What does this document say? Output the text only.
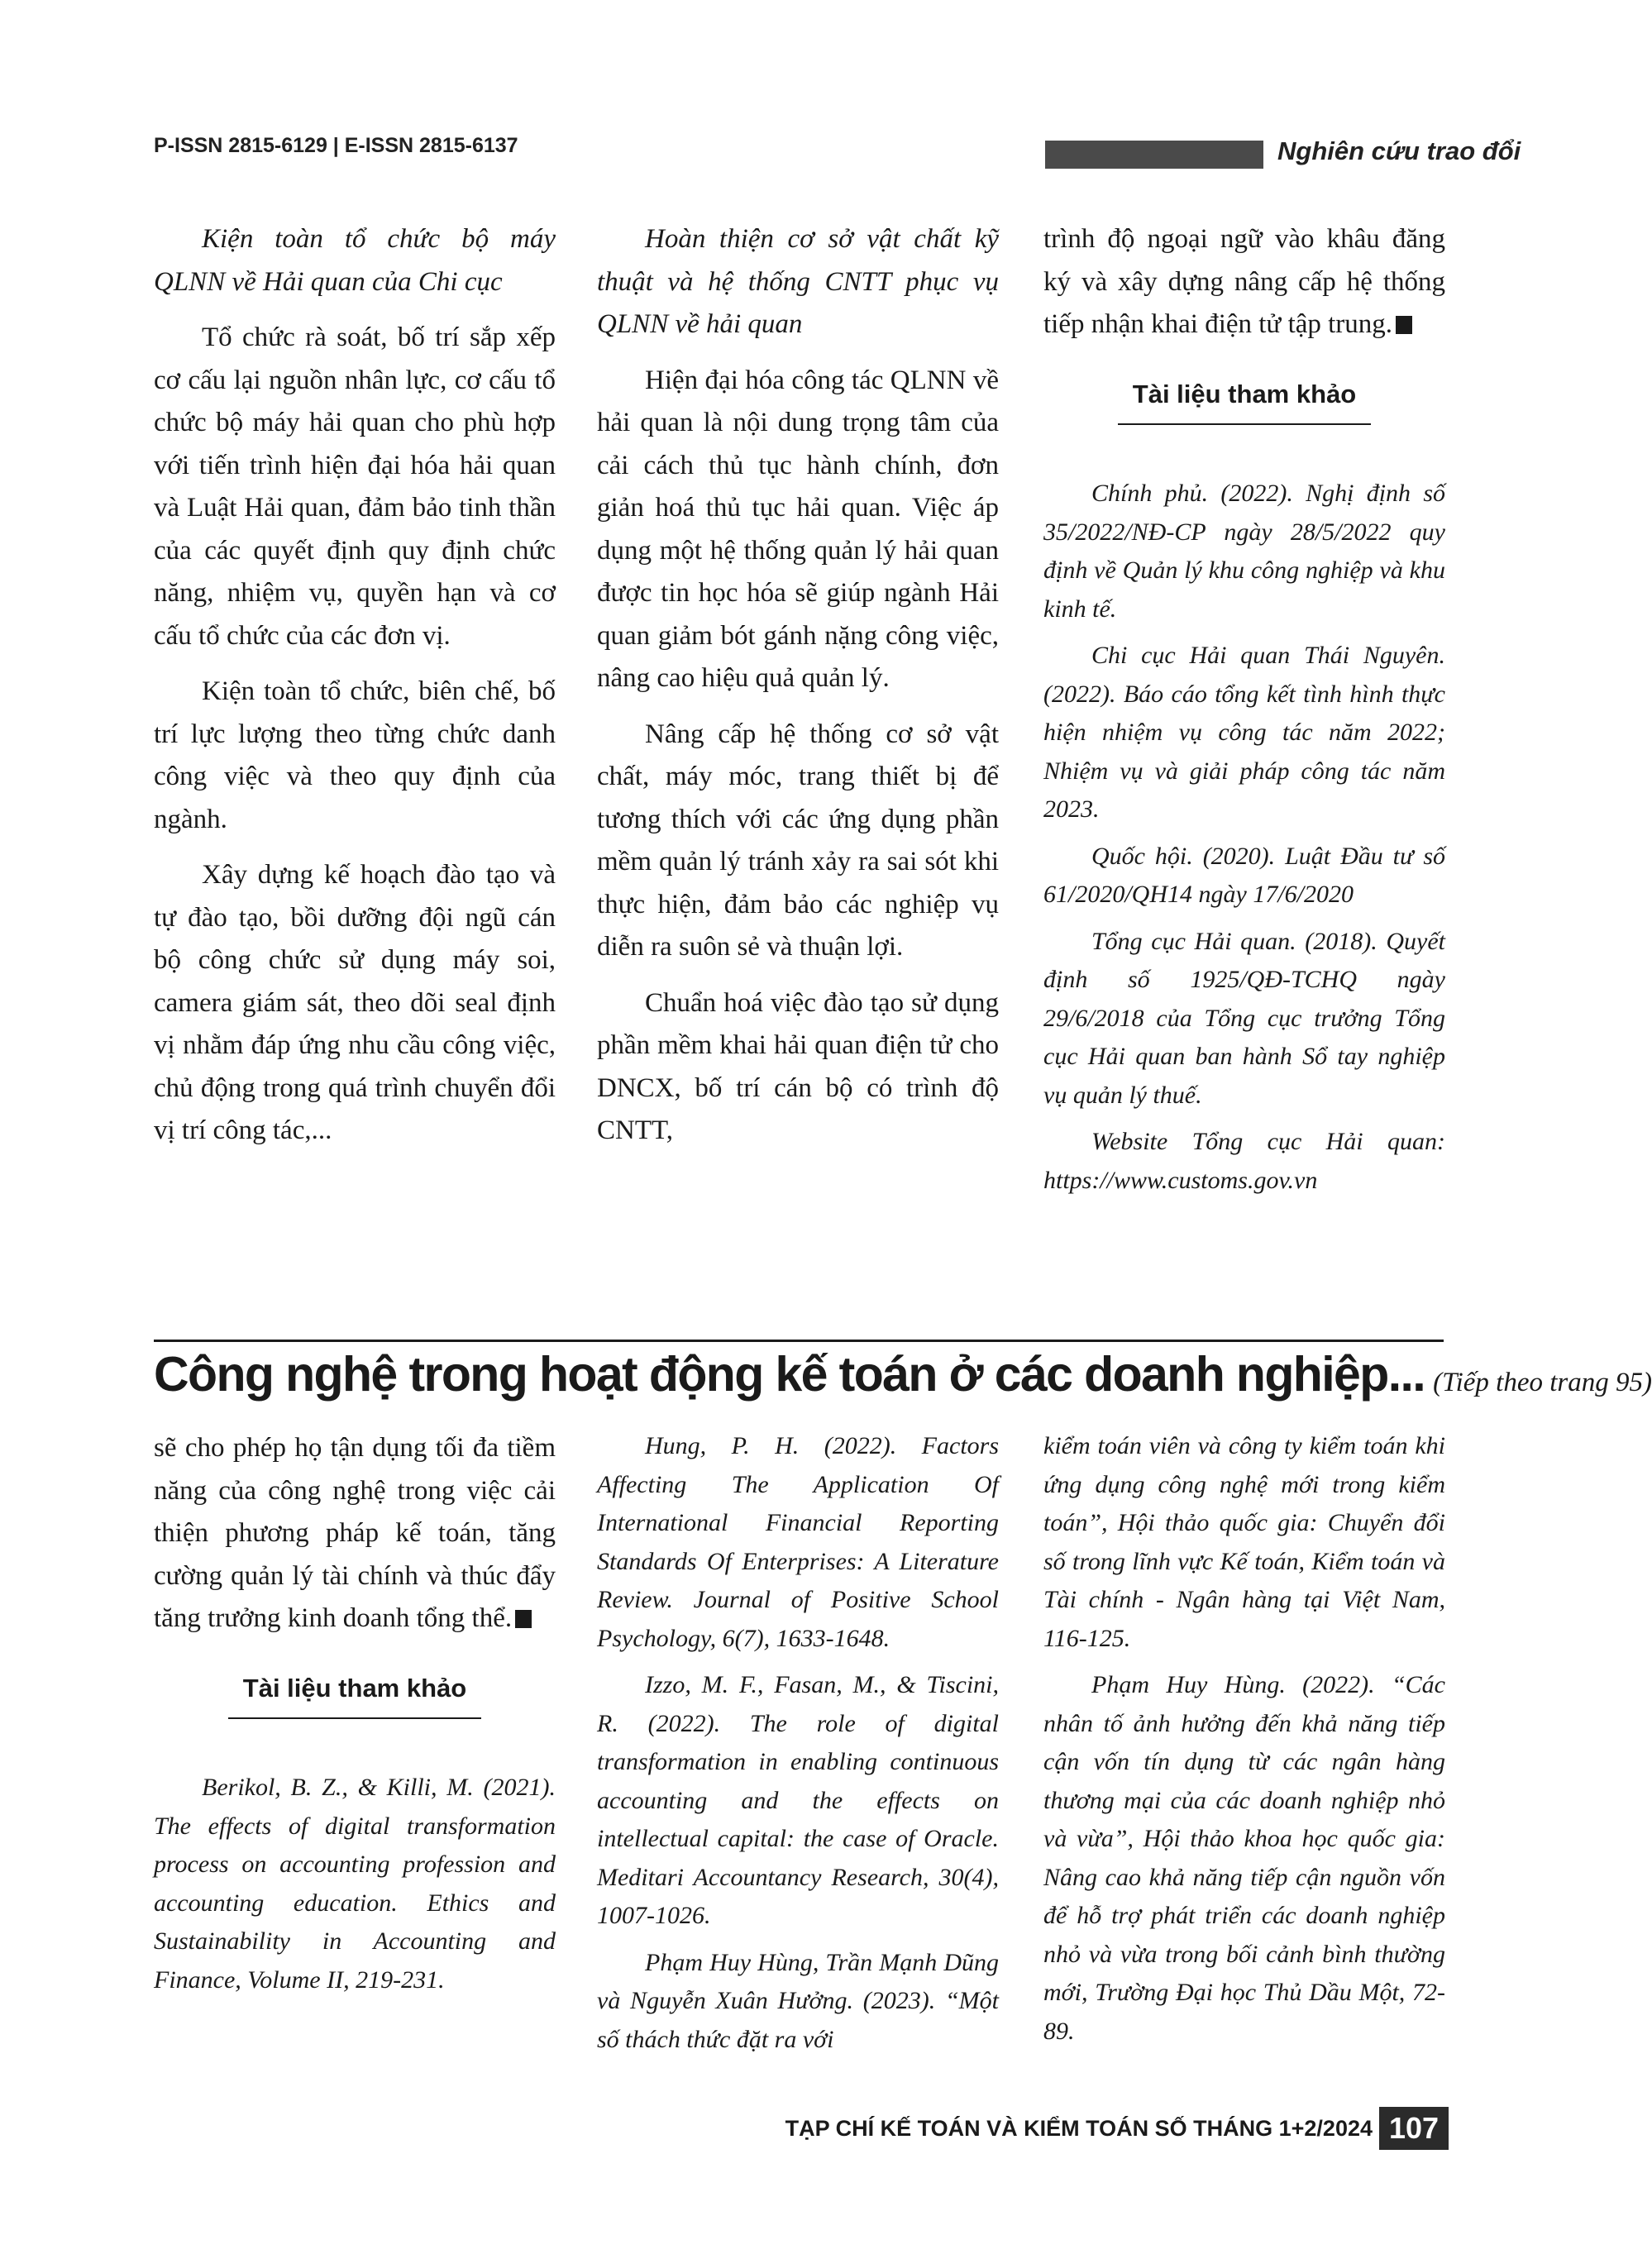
P-ISSN 2815-6129 | E-ISSN 2815-6137	Nghiên cứu trao đổi

Kiện toàn tổ chức bộ máy QLNN về Hải quan của Chi cục

Tổ chức rà soát, bố trí sắp xếp cơ cấu lại nguồn nhân lực, cơ cấu tổ chức bộ máy hải quan cho phù hợp với tiến trình hiện đại hóa hải quan và Luật Hải quan, đảm bảo tinh thần của các quyết định quy định chức năng, nhiệm vụ, quyền hạn và cơ cấu tổ chức của các đơn vị.

Kiện toàn tổ chức, biên chế, bố trí lực lượng theo từng chức danh công việc và theo quy định của ngành.

Xây dựng kế hoạch đào tạo và tự đào tạo, bồi dưỡng đội ngũ cán bộ công chức sử dụng máy soi, camera giám sát, theo dõi seal định vị nhằm đáp ứng nhu cầu công việc, chủ động trong quá trình chuyển đổi vị trí công tác,...

Hoàn thiện cơ sở vật chất kỹ thuật và hệ thống CNTT phục vụ QLNN về hải quan

Hiện đại hóa công tác QLNN về hải quan là nội dung trọng tâm của cải cách thủ tục hành chính, đơn giản hoá thủ tục hải quan. Việc áp dụng một hệ thống quản lý hải quan được tin học hóa sẽ giúp ngành Hải quan giảm bót gánh nặng công việc, nâng cao hiệu quả quản lý.

Nâng cấp hệ thống cơ sở vật chất, máy móc, trang thiết bị để tương thích với các ứng dụng phần mềm quản lý tránh xảy ra sai sót khi thực hiện, đảm bảo các nghiệp vụ diễn ra suôn sẻ và thuận lợi.

Chuẩn hoá việc đào tạo sử dụng phần mềm khai hải quan điện tử cho DNCX, bố trí cán bộ có trình độ CNTT,

trình độ ngoại ngữ vào khâu đăng ký và xây dựng nâng cấp hệ thống tiếp nhận khai điện tử tập trung.

Tài liệu tham khảo

Chính phủ. (2022). Nghị định số 35/2022/NĐ-CP ngày 28/5/2022 quy định về Quản lý khu công nghiệp và khu kinh tế.

Chi cục Hải quan Thái Nguyên. (2022). Báo cáo tổng kết tình hình thực hiện nhiệm vụ công tác năm 2022; Nhiệm vụ và giải pháp công tác năm 2023.

Quốc hội. (2020). Luật Đầu tư số 61/2020/QH14 ngày 17/6/2020

Tổng cục Hải quan. (2018). Quyết định số 1925/QĐ-TCHQ ngày 29/6/2018 của Tổng cục trưởng Tổng cục Hải quan ban hành Sổ tay nghiệp vụ quản lý thuế.

Website Tổng cục Hải quan: https://www.customs.gov.vn

Công nghệ trong hoạt động kế toán ở các doanh nghiệp... (Tiếp theo trang 95)

sẽ cho phép họ tận dụng tối đa tiềm năng của công nghệ trong việc cải thiện phương pháp kế toán, tăng cường quản lý tài chính và thúc đẩy tăng trưởng kinh doanh tổng thể.

Tài liệu tham khảo

Berikol, B. Z., & Killi, M. (2021). The effects of digital transformation process on accounting profession and accounting education. Ethics and Sustainability in Accounting and Finance, Volume II, 219-231.

Hung, P. H. (2022). Factors Affecting The Application Of International Financial Reporting Standards Of Enterprises: A Literature Review. Journal of Positive School Psychology, 6(7), 1633-1648.

Izzo, M. F., Fasan, M., & Tiscini, R. (2022). The role of digital transformation in enabling continuous accounting and the effects on intellectual capital: the case of Oracle. Meditari Accountancy Research, 30(4), 1007-1026.

Phạm Huy Hùng, Trần Mạnh Dũng và Nguyễn Xuân Hưởng. (2023). “Một số thách thức đặt ra với

kiểm toán viên và công ty kiểm toán khi ứng dụng công nghệ mới trong kiểm toán”, Hội thảo quốc gia: Chuyển đổi số trong lĩnh vực Kế toán, Kiểm toán và Tài chính - Ngân hàng tại Việt Nam, 116-125.

Phạm Huy Hùng. (2022). “Các nhân tố ảnh hưởng đến khả năng tiếp cận vốn tín dụng từ các ngân hàng thương mại của các doanh nghiệp nhỏ và vừa”, Hội thảo khoa học quốc gia: Nâng cao khả năng tiếp cận nguồn vốn để hỗ trợ phát triển các doanh nghiệp nhỏ và vừa trong bối cảnh bình thường mới, Trường Đại học Thủ Dầu Một, 72-89.

TẠP CHÍ KẾ TOÁN VÀ KIỂM TOÁN SỐ THÁNG 1+2/2024 107
